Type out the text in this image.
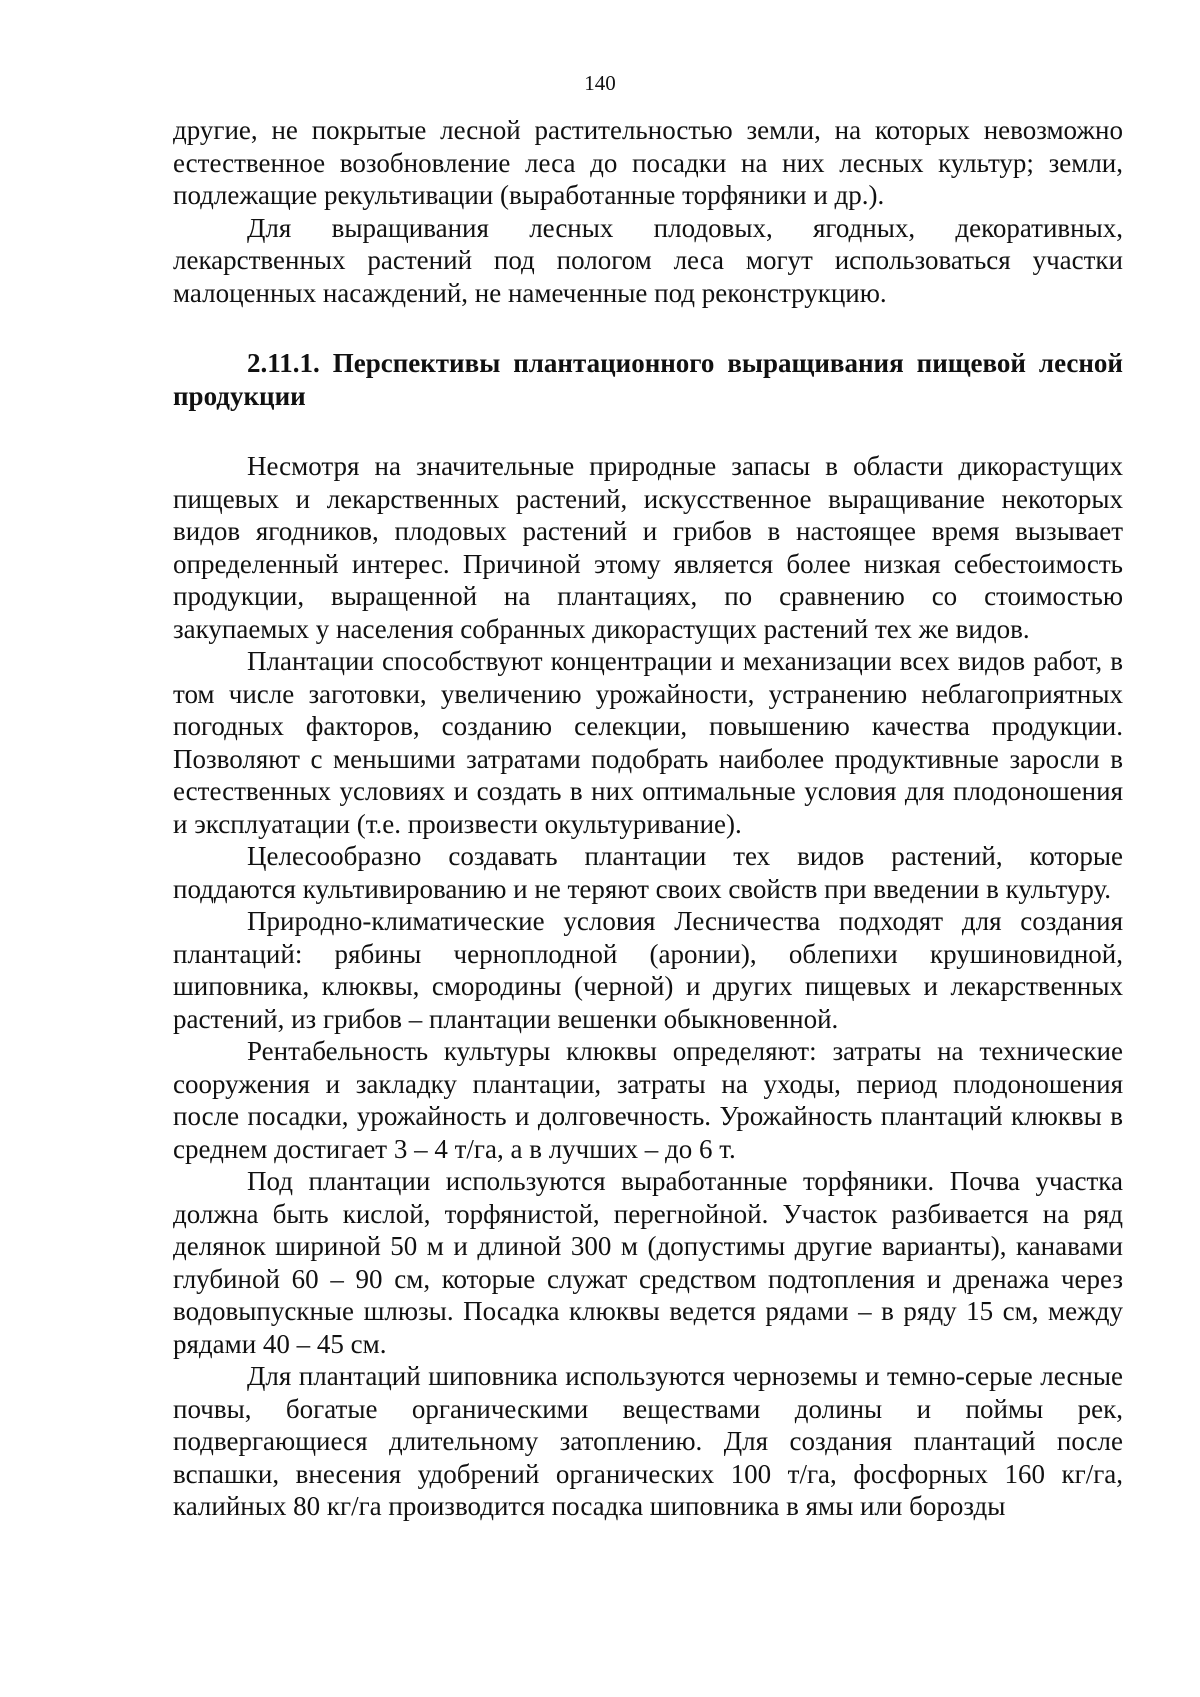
140

другие, не покрытые лесной растительностью земли, на которых невозможно естественное возобновление леса до посадки на них лесных культур; земли, подлежащие рекультивации (выработанные торфяники и др.).

Для выращивания лесных плодовых, ягодных, декоративных, лекарственных растений под пологом леса могут использоваться участки малоценных насаждений, не намеченные под реконструкцию.

2.11.1. Перспективы плантационного выращивания пищевой лесной продукции

Несмотря на значительные природные запасы в области дикорастущих пищевых и лекарственных растений, искусственное выращивание некоторых видов ягодников, плодовых растений и грибов в настоящее время вызывает определенный интерес. Причиной этому является более низкая себестоимость продукции, выращенной на плантациях, по сравнению со стоимостью закупаемых у населения собранных дикорастущих растений тех же видов.

Плантации способствуют концентрации и механизации всех видов работ, в том числе заготовки, увеличению урожайности, устранению неблагоприятных погодных факторов, созданию селекции, повышению качества продукции. Позволяют с меньшими затратами подобрать наиболее продуктивные заросли в естественных условиях и создать в них оптимальные условия для плодоношения и эксплуатации (т.е. произвести окультуривание).

Целесообразно создавать плантации тех видов растений, которые поддаются культивированию и не теряют своих свойств при введении в культуру.

Природно-климатические условия Лесничества подходят для создания плантаций: рябины черноплодной (аронии), облепихи крушиновидной, шиповника, клюквы, смородины (черной) и других пищевых и лекарственных растений, из грибов – плантации вешенки обыкновенной.

Рентабельность культуры клюквы определяют: затраты на технические сооружения и закладку плантации, затраты на уходы, период плодоношения после посадки, урожайность и долговечность. Урожайность плантаций клюквы в среднем достигает 3 – 4 т/га, а в лучших – до 6 т.

Под плантации используются выработанные торфяники. Почва участка должна быть кислой, торфянистой, перегнойной. Участок разбивается на ряд делянок шириной 50 м и длиной 300 м (допустимы другие варианты), канавами глубиной 60 – 90 см, которые служат средством подтопления и дренажа через водовыпускные шлюзы. Посадка клюквы ведется рядами – в ряду 15 см, между рядами 40 – 45 см.

Для плантаций шиповника используются черноземы и темно-серые лесные почвы, богатые органическими веществами долины и поймы рек, подвергающиеся длительному затоплению. Для создания плантаций после вспашки, внесения удобрений органических 100 т/га, фосфорных 160 кг/га, калийных 80 кг/га производится посадка шиповника в ямы или борозды
